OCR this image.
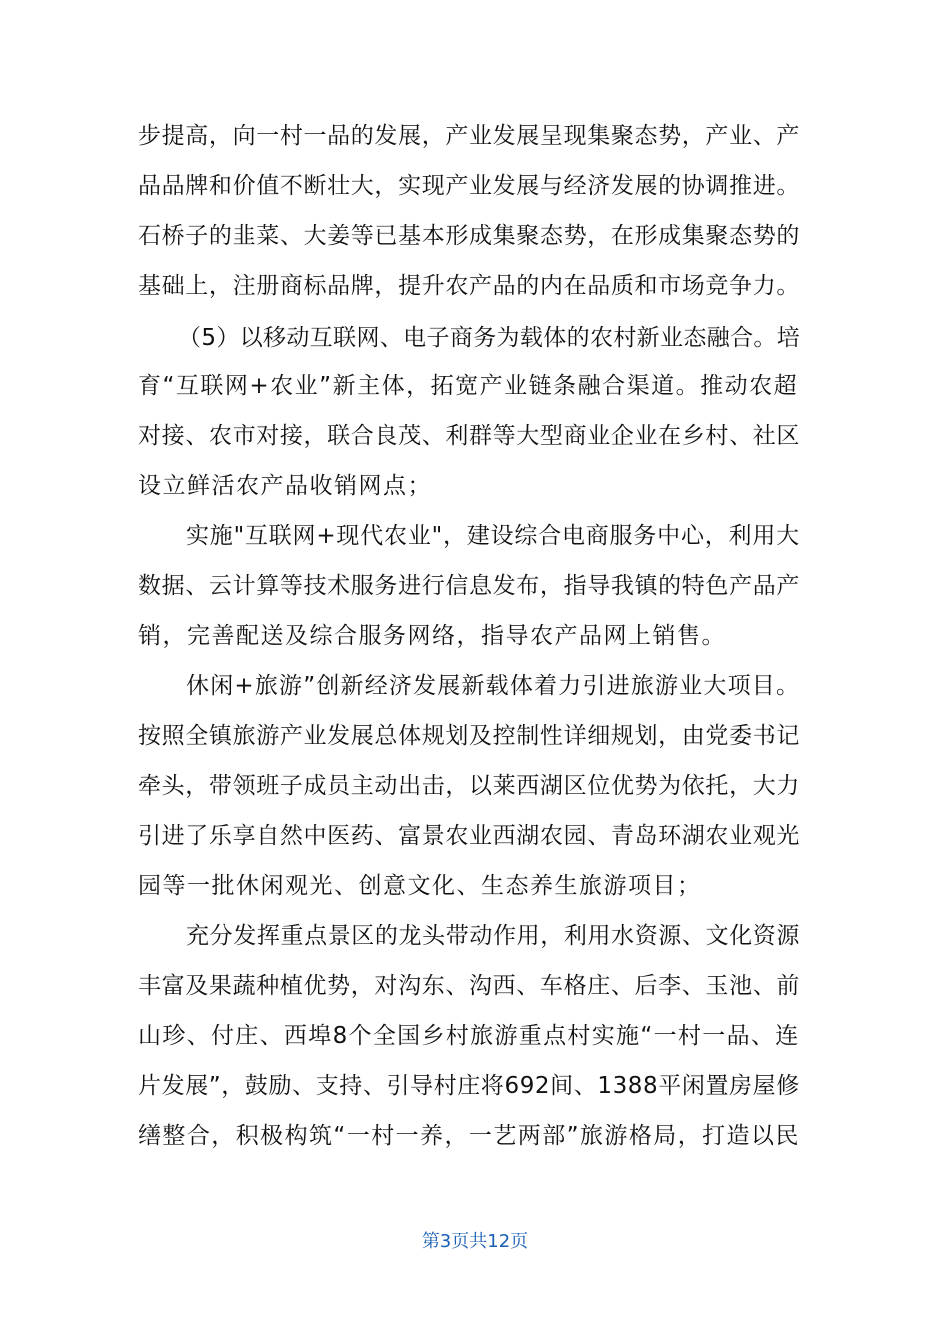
步提高，向一村一品的发展，产业发展呈现集聚态势，产业、产
品品牌和价值不断壮大，实现产业发展与经济发展的协调推进。
石桥子的韭菜、大姜等已基本形成集聚态势，在形成集聚态势的
基础上，注册商标品牌，提升农产品的内在品质和市场竞争力。
（5）以移动互联网、电子商务为载体的农村新业态融合。培
育“互联网+农业”新主体，拓宽产业链条融合渠道。推动农超
对接、农市对接，联合良茂、利群等大型商业企业在乡村、社区
设立鲜活农产品收销网点；
实施"互联网+现代农业"，建设综合电商服务中心，利用大
数据、云计算等技术服务进行信息发布，指导我镇的特色产品产
销，完善配送及综合服务网络，指导农产品网上销售。
休闲+旅游”创新经济发展新载体着力引进旅游业大项目。
按照全镇旅游产业发展总体规划及控制性详细规划，由党委书记
牵头，带领班子成员主动出击，以莱西湖区位优势为依托，大力
引进了乐享自然中医药、富景农业西湖农园、青岛环湖农业观光
园等一批休闲观光、创意文化、生态养生旅游项目；
充分发挥重点景区的龙头带动作用，利用水资源、文化资源
丰富及果蔬种植优势，对沟东、沟西、车格庄、后李、玉池、前
山珍、付庄、西埠8个全国乡村旅游重点村实施“一村一品、连
片发展”，鼓励、支持、引导村庄将692间、1388平闲置房屋修
缮整合，积极构筑“一村一养，一艺两部”旅游格局，打造以民
第3页共12页
